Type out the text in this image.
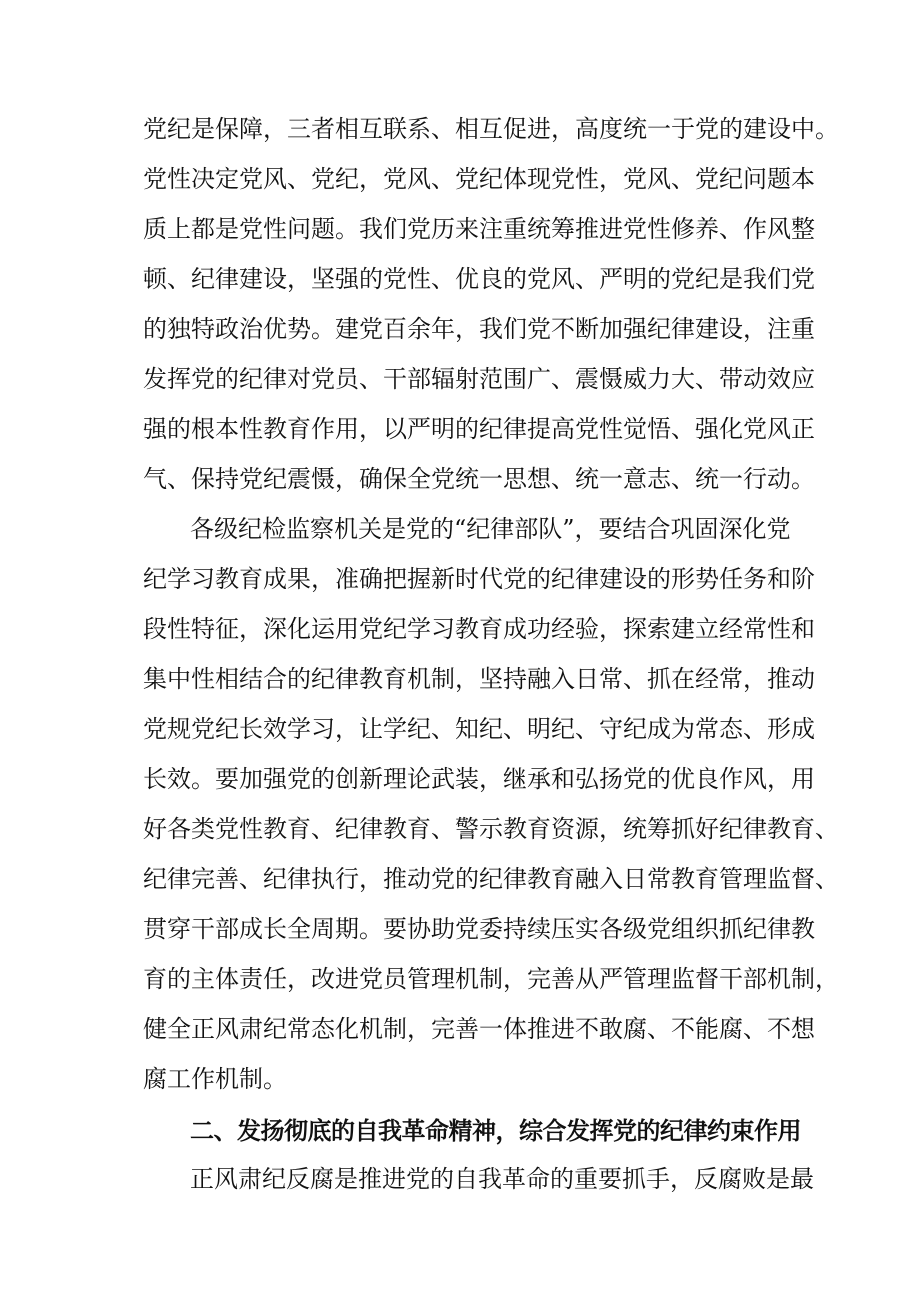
党纪是保障，三者相互联系、相互促进，高度统一于党的建设中。
党性决定党风、党纪，党风、党纪体现党性，党风、党纪问题本
质上都是党性问题。我们党历来注重统筹推进党性修养、作风整
顿、纪律建设，坚强的党性、优良的党风、严明的党纪是我们党
的独特政治优势。建党百余年，我们党不断加强纪律建设，注重
发挥党的纪律对党员、干部辐射范围广、震慑威力大、带动效应
强的根本性教育作用，以严明的纪律提高党性觉悟、强化党风正
气、保持党纪震慑，确保全党统一思想、统一意志、统一行动。
各级纪检监察机关是党的“纪律部队”，要结合巩固深化党
纪学习教育成果，准确把握新时代党的纪律建设的形势任务和阶
段性特征，深化运用党纪学习教育成功经验，探索建立经常性和
集中性相结合的纪律教育机制，坚持融入日常、抓在经常，推动
党规党纪长效学习，让学纪、知纪、明纪、守纪成为常态、形成
长效。要加强党的创新理论武装，继承和弘扬党的优良作风，用
好各类党性教育、纪律教育、警示教育资源，统筹抓好纪律教育、
纪律完善、纪律执行，推动党的纪律教育融入日常教育管理监督、
贯穿干部成长全周期。要协助党委持续压实各级党组织抓纪律教
育的主体责任，改进党员管理机制，完善从严管理监督干部机制，
健全正风肃纪常态化机制，完善一体推进不敢腐、不能腐、不想
腐工作机制。
二、发扬彻底的自我革命精神，综合发挥党的纪律约束作用
正风肃纪反腐是推进党的自我革命的重要抓手，反腐败是最
